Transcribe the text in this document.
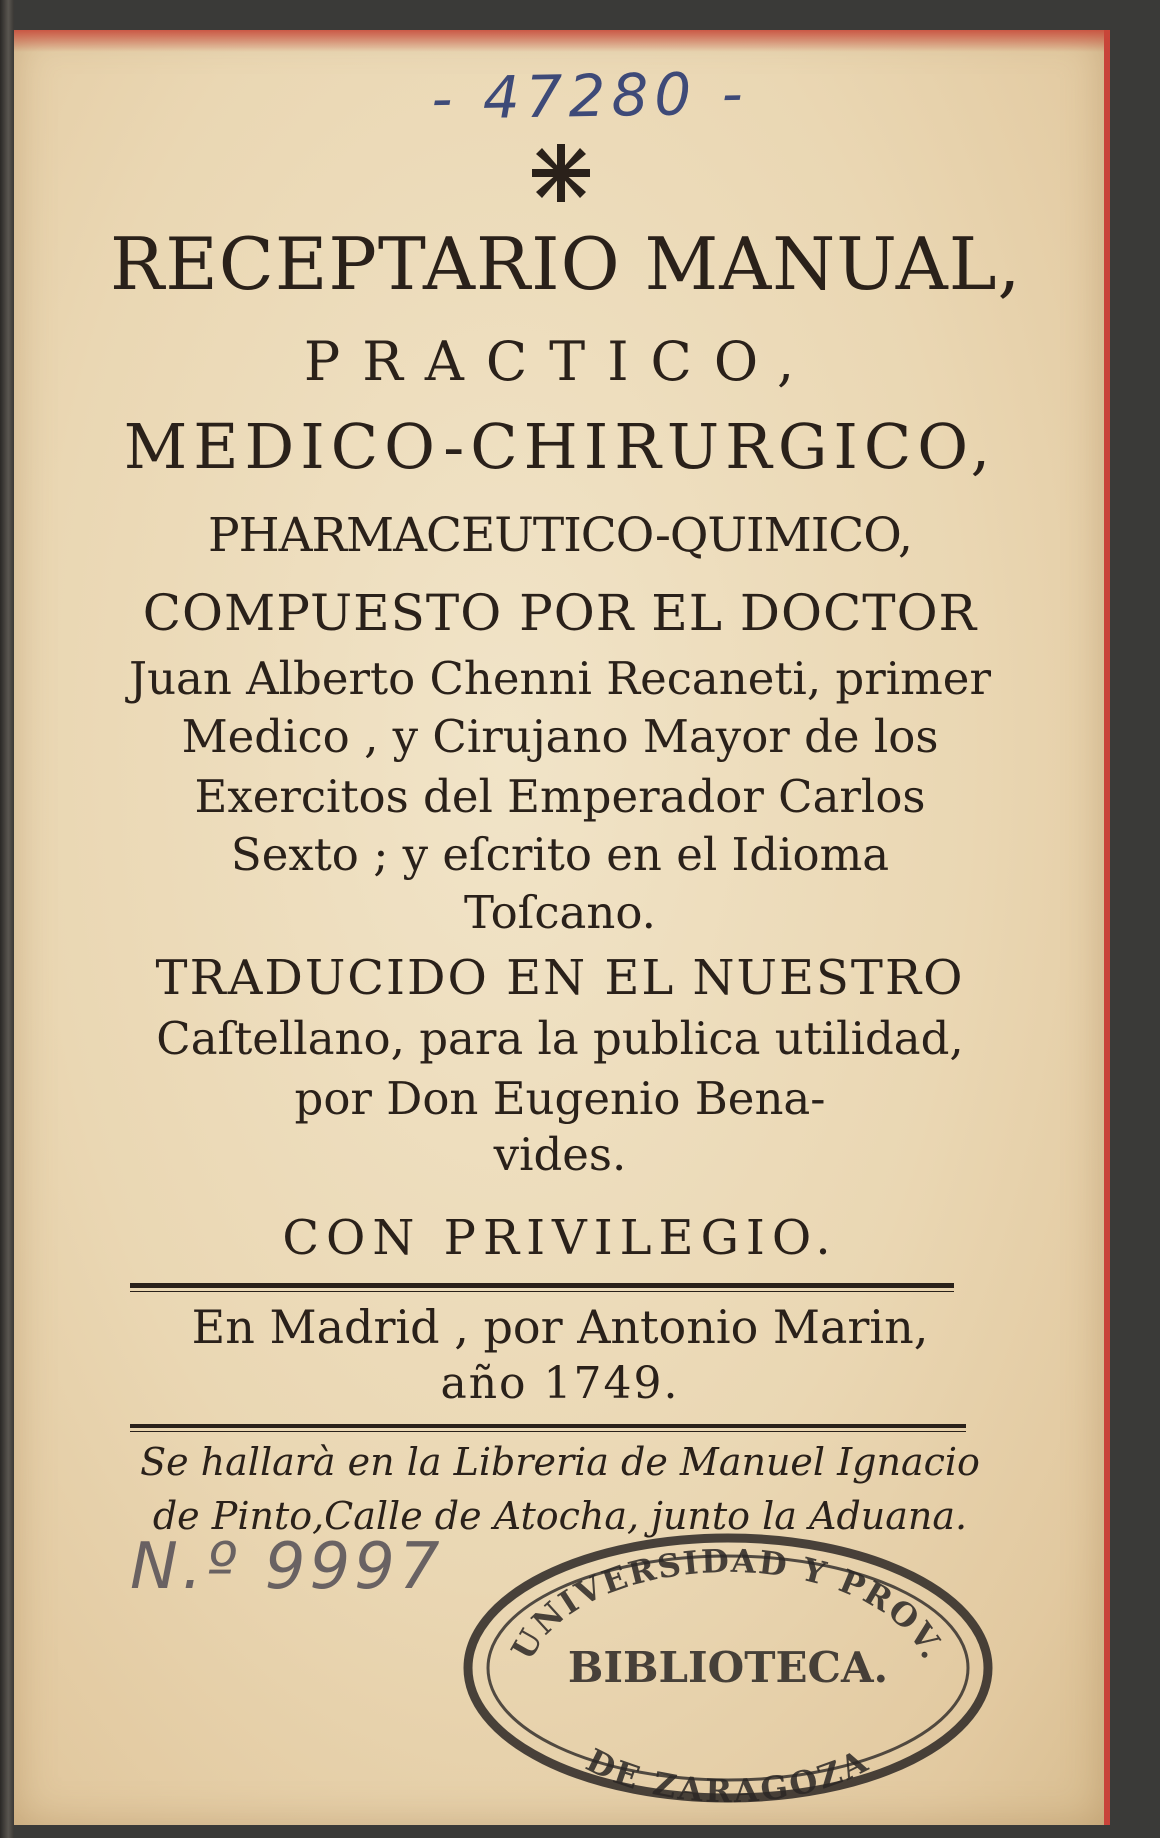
- 47280 -
RECEPTARIO MANUAL,
PRACTICO,
MEDICO-CHIRURGICO,
PHARMACEUTICO-QUIMICO,
COMPUESTO POR EL DOCTOR
Juan Alberto Chenni Recaneti, primer
Medico , y Cirujano Mayor de los
Exercitos del Emperador Carlos
Sexto ; y eſcrito en el Idioma
Toſcano.
TRADUCIDO EN EL NUESTRO
Caſtellano, para la publica utilidad,
por Don Eugenio Bena-
vides.
CON PRIVILEGIO.
En Madrid , por Antonio Marin,
año 1749.
Se hallarà en la Libreria de Manuel Ignacio
de Pinto,Calle de Atocha, junto la Aduana.
N.º 9997
UNIVERSIDAD Y PROV.
BIBLIOTECA.
DE ZARAGOZA
